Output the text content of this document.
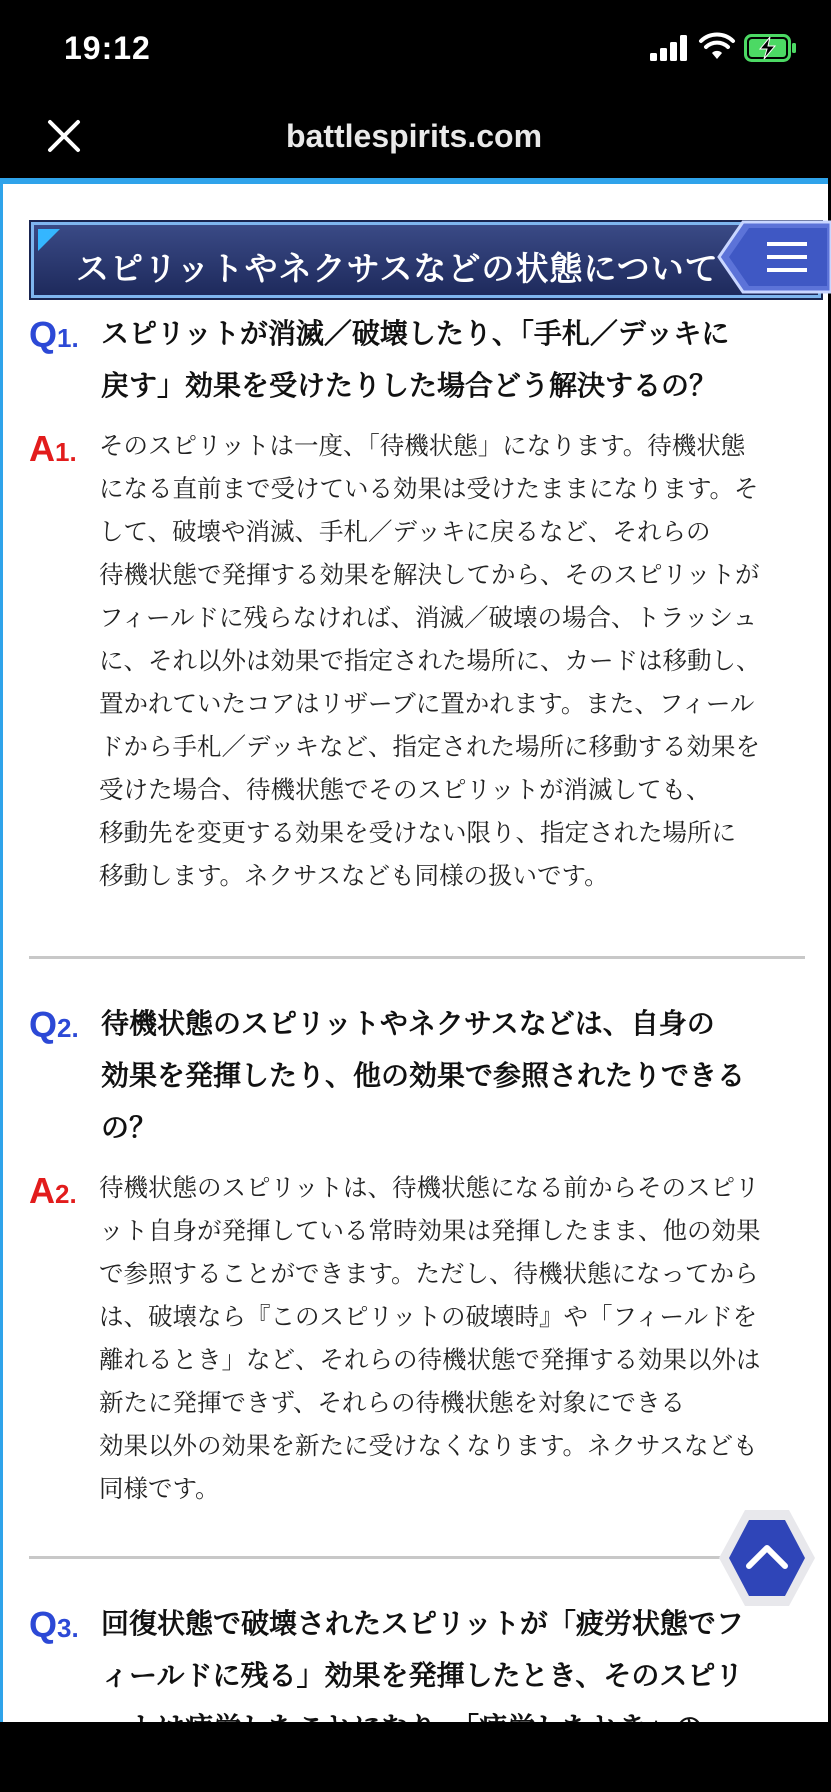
19:12
battlespirits.com
スピリットやネクサスなどの状態について
Q1. スピリットが消滅／破壊したり、「手札／デッキに
戻す」効果を受けたりした場合どう解決するの？
A1. そのスピリットは一度、「待機状態」になります。待機状態
になる直前まで受けている効果は受けたままになります。そ
して、破壊や消滅、手札／デッキに戻るなど、それらの
待機状態で発揮する効果を解決してから、そのスピリットが
フィールドに残らなければ、消滅／破壊の場合、トラッシュ
に、それ以外は効果で指定された場所に、カードは移動し、
置かれていたコアはリザーブに置かれます。また、フィール
ドから手札／デッキなど、指定された場所に移動する効果を
受けた場合、待機状態でそのスピリットが消滅しても、
移動先を変更する効果を受けない限り、指定された場所に
移動します。ネクサスなども同様の扱いです。
Q2. 待機状態のスピリットやネクサスなどは、自身の
効果を発揮したり、他の効果で参照されたりできる
の？
A2. 待機状態のスピリットは、待機状態になる前からそのスピリ
ット自身が発揮している常時効果は発揮したまま、他の効果
で参照することができます。ただし、待機状態になってから
は、破壊なら『このスピリットの破壊時』や「フィールドを
離れるとき」など、それらの待機状態で発揮する効果以外は
新たに発揮できず、それらの待機状態を対象にできる
効果以外の効果を新たに受けなくなります。ネクサスなども
同様です。
Q3. 回復状態で破壊されたスピリットが「疲労状態でフ
ィールドに残る」効果を発揮したとき、そのスピリ
